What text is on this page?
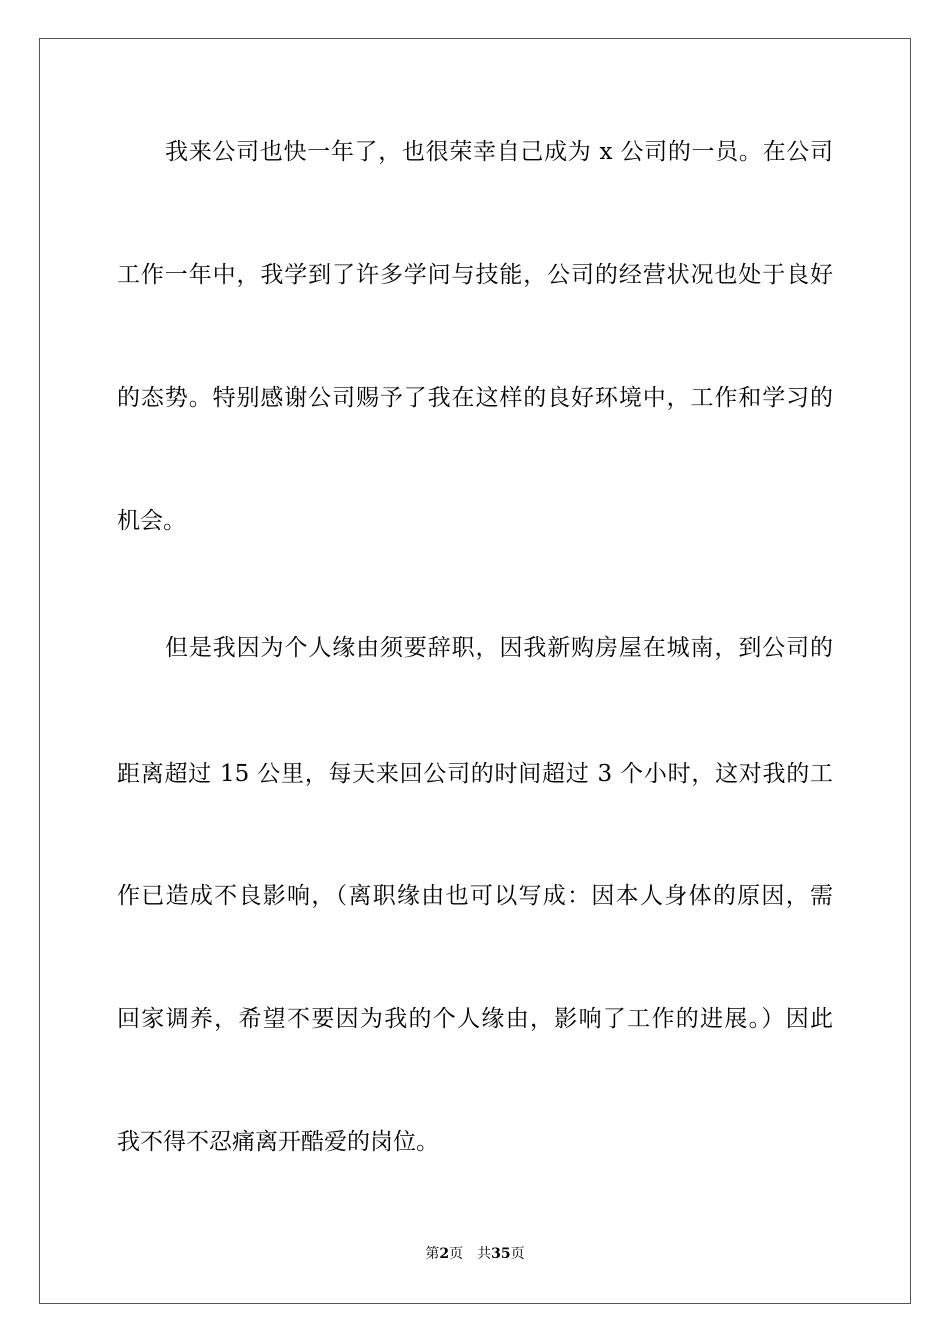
我来公司也快一年了，也很荣幸自己成为 x 公司的一员。在公司
工作一年中，我学到了许多学问与技能，公司的经营状况也处于良好
的态势。特别感谢公司赐予了我在这样的良好环境中，工作和学习的
机会。
但是我因为个人缘由须要辞职，因我新购房屋在城南，到公司的
距离超过 15 公里，每天来回公司的时间超过 3 个小时，这对我的工
作已造成不良影响，（离职缘由也可以写成：因本人身体的原因，需
回家调养，希望不要因为我的个人缘由，影响了工作的进展。）因此
我不得不忍痛离开酷爱的岗位。
第2页 共35页
